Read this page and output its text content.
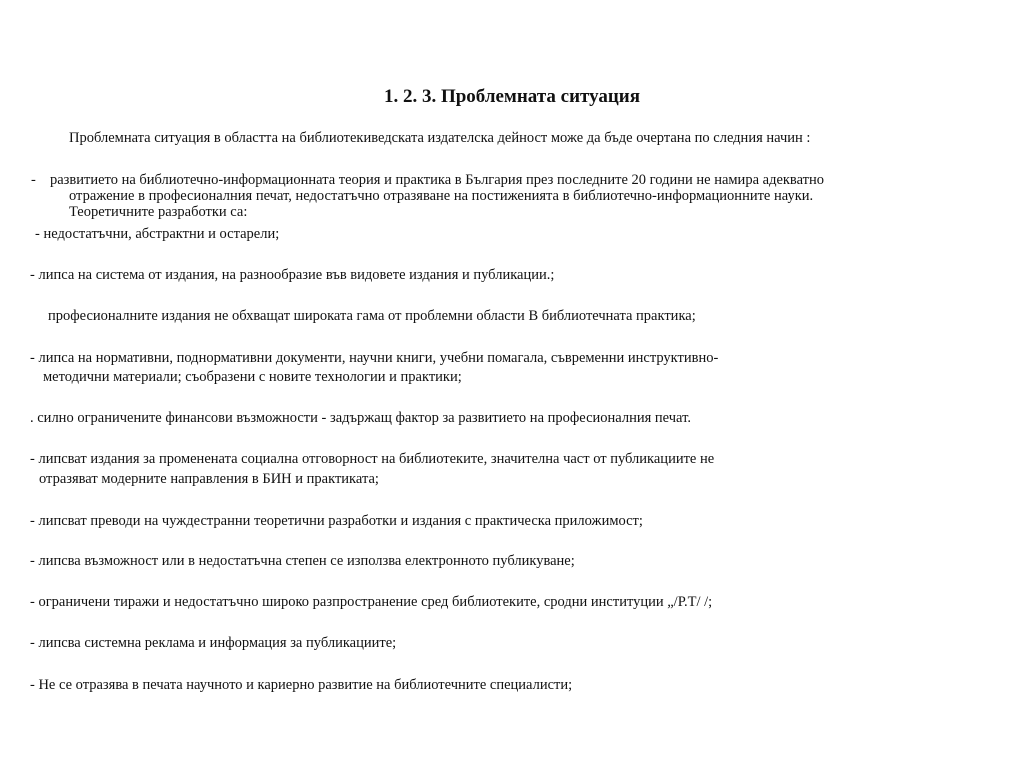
1. 2. 3. Проблемната ситуация
Проблемната ситуация в областта на библиотекиведската издателска дейност може да бъде очертана по следния начин :
- развитието на библиотечно-информационната теория и практика в България през последните 20 години не намира адекватно
отражение в професионалния печат, недостатъчно отразяване на постиженията в библиотечно-информационните науки.
Теоретичните разработки са:
- недостатъчни, абстрактни и остарели;
- липса на система от издания, на разнообразие във видовете издания и публикации.;
професионалните издания не обхващат широката гама от проблемни области В библиотечната практика;
- липса на нормативни, поднормативни документи, научни книги, учебни помагала, съвременни инструктивно-
методични материали; съобразени с новите технологии и практики;
. силно ограничените финансови възможности - задържащ фактор за развитието на професионалния печат.
- липсват издания за променената социална отговорност на библиотеките, значителна част от публикациите не
отразяват модерните направления в БИН и практиката;
- липсват преводи на чуждестранни теоретични разработки и издания с практическа приложимост;
- липсва възможност или в недостатъчна степен се използва електронното публикуване;
- ограничени тиражи и недостатъчно широко разпространение сред библиотеките, сродни институции „/Р.Т/ /;
- липсва системна реклама и информация за публикациите;
- Не се отразява в печата научното и кариерно развитие на библиотечните специалисти;
